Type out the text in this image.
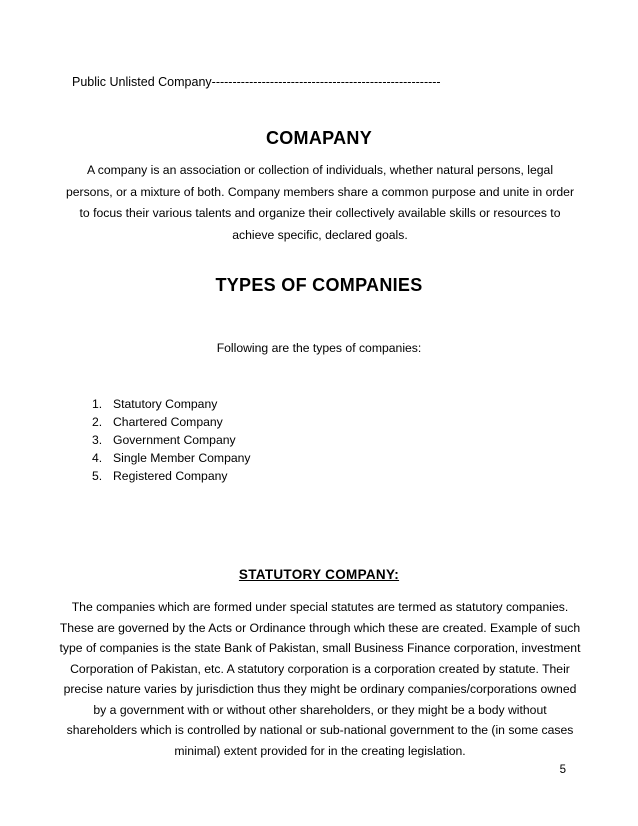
Public Unlisted Company-------------------------------------------------------
COMAPANY
A company is an association or collection of individuals, whether natural persons, legal persons, or a mixture of both. Company members share a common purpose and unite in order to focus their various talents and organize their collectively available skills or resources to achieve specific, declared goals.
TYPES OF COMPANIES
Following are the types of companies:
1. Statutory Company
2. Chartered Company
3. Government Company
4. Single Member Company
5. Registered Company
STATUTORY COMPANY:
The companies which are formed under special statutes are termed as statutory companies. These are governed by the Acts or Ordinance through which these are created. Example of such type of companies is the state Bank of Pakistan, small Business Finance corporation, investment Corporation of Pakistan, etc. A statutory corporation is a corporation created by statute. Their precise nature varies by jurisdiction thus they might be ordinary companies/corporations owned by a government with or without other shareholders, or they might be a body without shareholders which is controlled by national or sub-national government to the (in some cases minimal) extent provided for in the creating legislation.
5
